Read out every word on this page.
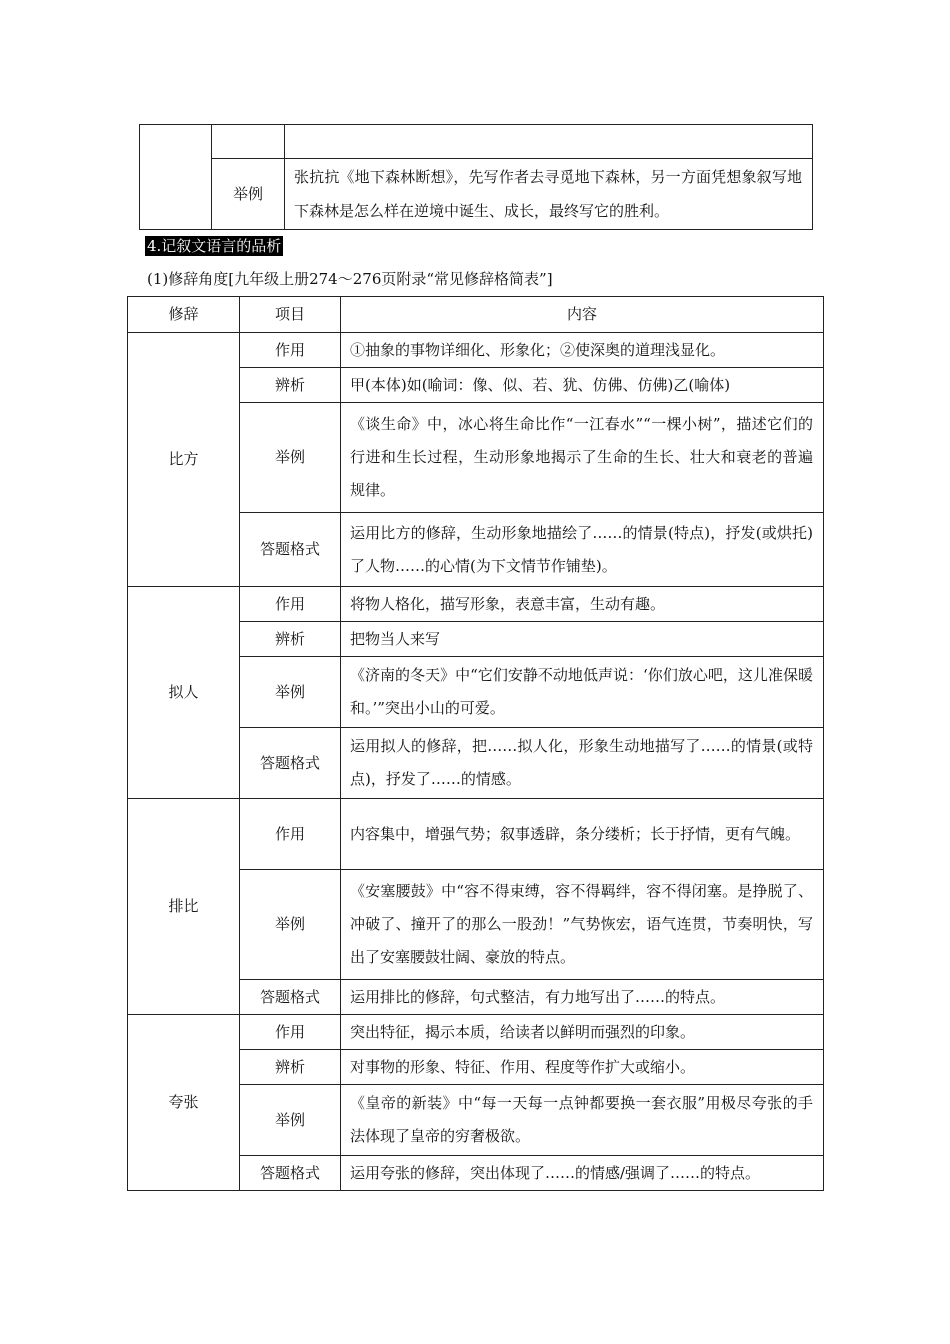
	举例	张抗抗《地下森林断想》，先写作者去寻觅地下森林，另一方面凭想象叙写地下森林是怎么样在逆境中诞生、成长，最终写它的胜利。
4.记叙文语言的品析
(1)修辞角度[九年级上册274～276页附录“常见修辞格简表”]
修辞	项目	内容
比方	作用	①抽象的事物详细化、形象化；②使深奥的道理浅显化。
	辨析	甲(本体)如(喻词：像、似、若、犹、仿佛、仿佛)乙(喻体)
	举例	《谈生命》中，冰心将生命比作“一江春水”“一棵小树”，描述它们的行进和生长过程，生动形象地揭示了生命的生长、壮大和衰老的普遍规律。
	答题格式	运用比方的修辞，生动形象地描绘了……的情景(特点)，抒发(或烘托)了人物……的心情(为下文情节作铺垫)。
拟人	作用	将物人格化，描写形象，表意丰富，生动有趣。
	辨析	把物当人来写
	举例	《济南的冬天》中“它们安静不动地低声说：‘你们放心吧，这儿准保暖和。’”突出小山的可爱。
	答题格式	运用拟人的修辞，把……拟人化，形象生动地描写了……的情景(或特点)，抒发了……的情感。
排比	作用	内容集中，增强气势；叙事透辟，条分缕析；长于抒情，更有气魄。
	举例	《安塞腰鼓》中“容不得束缚，容不得羁绊，容不得闭塞。是挣脱了、冲破了、撞开了的那么一股劲！”气势恢宏，语气连贯，节奏明快，写出了安塞腰鼓壮阔、豪放的特点。
	答题格式	运用排比的修辞，句式整洁，有力地写出了……的特点。
夸张	作用	突出特征，揭示本质，给读者以鲜明而强烈的印象。
	辨析	对事物的形象、特征、作用、程度等作扩大或缩小。
	举例	《皇帝的新装》中“每一天每一点钟都要换一套衣服”用极尽夸张的手法体现了皇帝的穷奢极欲。
	答题格式	运用夸张的修辞，突出体现了……的情感/强调了……的特点。
